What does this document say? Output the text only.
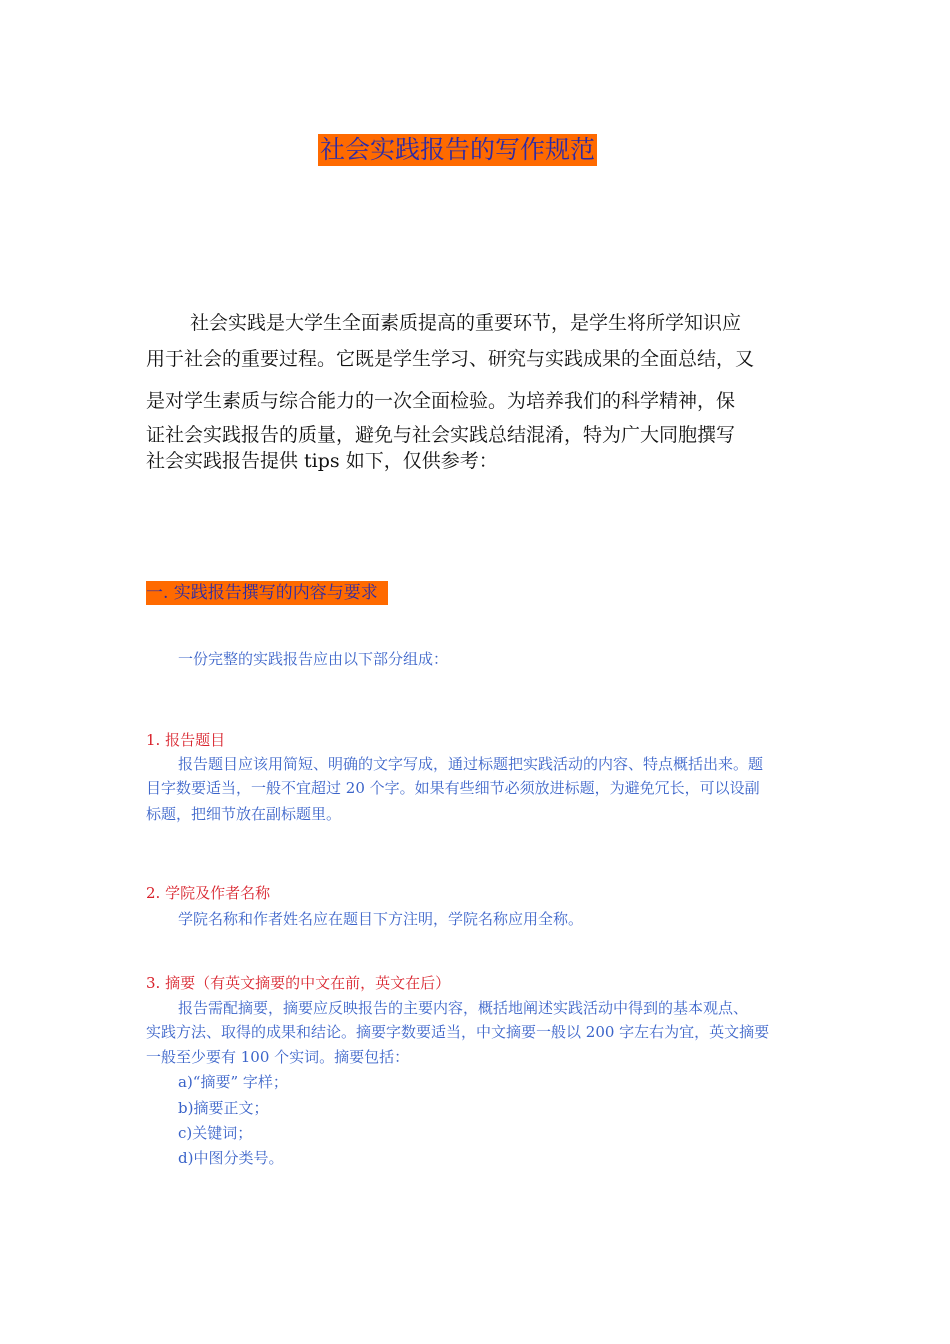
社会实践报告的写作规范
社会实践是大学生全面素质提高的重要环节，是学生将所学知识应
用于社会的重要过程。它既是学生学习、研究与实践成果的全面总结，又
是对学生素质与综合能力的一次全面检验。为培养我们的科学精神，保
证社会实践报告的质量，避免与社会实践总结混淆，特为广大同胞撰写
社会实践报告提供 tips 如下，仅供参考：
一. 实践报告撰写的内容与要求
一份完整的实践报告应由以下部分组成：
1. 报告题目
报告题目应该用简短、明确的文字写成，通过标题把实践活动的内容、特点概括出来。题
目字数要适当，一般不宜超过 20 个字。如果有些细节必须放进标题，为避免冗长，可以设副
标题，把细节放在副标题里。
2. 学院及作者名称
学院名称和作者姓名应在题目下方注明，学院名称应用全称。
3. 摘要（有英文摘要的中文在前，英文在后）
报告需配摘要，摘要应反映报告的主要内容，概括地阐述实践活动中得到的基本观点、
实践方法、取得的成果和结论。摘要字数要适当，中文摘要一般以 200 字左右为宜，英文摘要
一般至少要有 100 个实词。摘要包括：
a)“摘要” 字样；
b)摘要正文；
c)关键词；
d)中图分类号。
